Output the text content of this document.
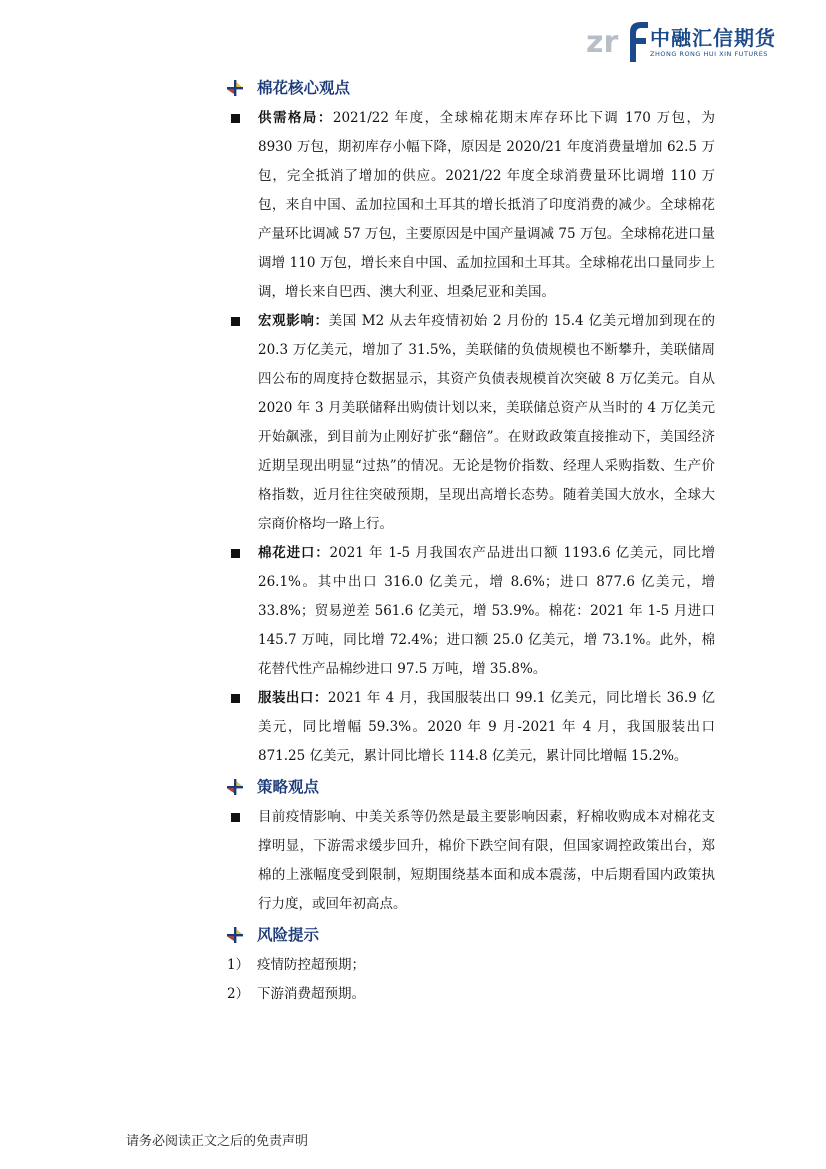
zr 中融汇信期货
ZHONG RONG HUI XIN FUTURES
棉花核心观点

供需格局：2021/22 年度，全球棉花期末库存环比下调 170 万包，为 8930 万包，期初库存小幅下降，原因是 2020/21 年度消费量增加 62.5 万包，完全抵消了增加的供应。2021/22 年度全球消费量环比调增 110 万包，来自中国、孟加拉国和土耳其的增长抵消了印度消费的减少。全球棉花产量环比调减 57 万包，主要原因是中国产量调减 75 万包。全球棉花进口量调增 110 万包，增长来自中国、孟加拉国和土耳其。全球棉花出口量同步上调，增长来自巴西、澳大利亚、坦桑尼亚和美国。

宏观影响：美国 M2 从去年疫情初始 2 月份的 15.4 亿美元增加到现在的 20.3 万亿美元，增加了 31.5%，美联储的负债规模也不断攀升，美联储周四公布的周度持仓数据显示，其资产负债表规模首次突破 8 万亿美元。自从 2020 年 3 月美联储释出购债计划以来，美联储总资产从当时的 4 万亿美元开始飙涨，到目前为止刚好扩张“翻倍”。在财政政策直接推动下，美国经济近期呈现出明显“过热”的情况。无论是物价指数、经理人采购指数、生产价格指数，近月往往突破预期，呈现出高增长态势。随着美国大放水，全球大宗商价格均一路上行。

棉花进口：2021 年 1-5 月我国农产品进出口额 1193.6 亿美元，同比增 26.1%。其中出口 316.0 亿美元，增 8.6%；进口 877.6 亿美元，增 33.8%；贸易逆差 561.6 亿美元，增 53.9%。棉花：2021 年 1-5 月进口 145.7 万吨，同比增 72.4%；进口额 25.0 亿美元，增 73.1%。此外，棉花替代性产品棉纱进口 97.5 万吨，增 35.8%。

服装出口：2021 年 4 月，我国服装出口 99.1 亿美元，同比增长 36.9 亿美元，同比增幅 59.3%。2020 年 9 月-2021 年 4 月，我国服装出口 871.25 亿美元，累计同比增长 114.8 亿美元，累计同比增幅 15.2%。

策略观点

目前疫情影响、中美关系等仍然是最主要影响因素，籽棉收购成本对棉花支撑明显，下游需求缓步回升，棉价下跌空间有限，但国家调控政策出台，郑棉的上涨幅度受到限制，短期围绕基本面和成本震荡，中后期看国内政策执行力度，或回年初高点。

风险提示
1） 疫情防控超预期；
2） 下游消费超预期。
请务必阅读正文之后的免责声明
